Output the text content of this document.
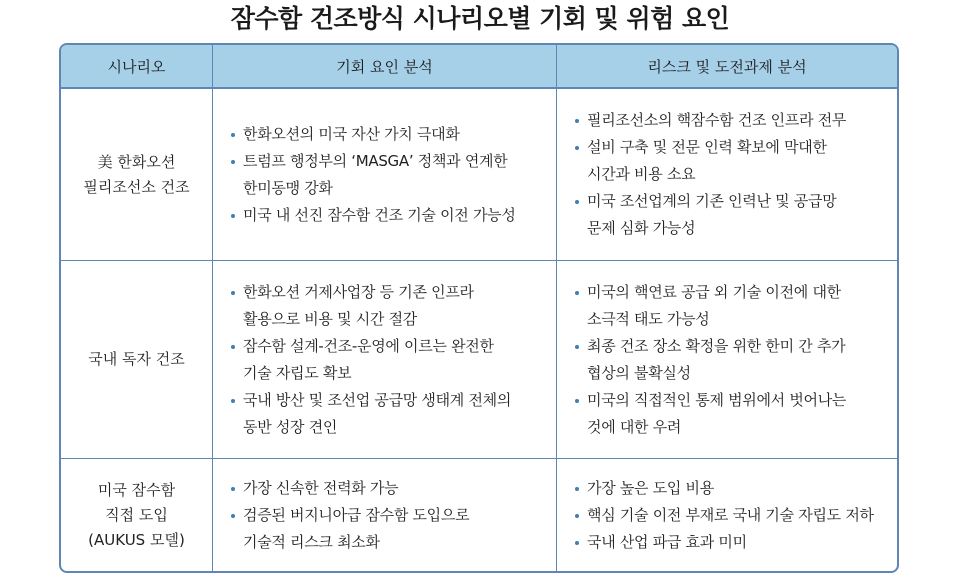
잠수함 건조방식 시나리오별 기회 및 위험 요인
시나리오	기회 요인 분석	리스크 및 도전과제 분석
美 한화오션
필리조선소 건조
한화오션의 미국 자산 가치 극대화
트럼프 행정부의 ‘MASGA’ 정책과 연계한
한미동맹 강화
미국 내 선진 잠수함 건조 기술 이전 가능성
필리조선소의 핵잠수함 건조 인프라 전무
설비 구축 및 전문 인력 확보에 막대한
시간과 비용 소요
미국 조선업계의 기존 인력난 및 공급망
문제 심화 가능성
국내 독자 건조
한화오션 거제사업장 등 기존 인프라
활용으로 비용 및 시간 절감
잠수함 설계-건조-운영에 이르는 완전한
기술 자립도 확보
국내 방산 및 조선업 공급망 생태계 전체의
동반 성장 견인
미국의 핵연료 공급 외 기술 이전에 대한
소극적 태도 가능성
최종 건조 장소 확정을 위한 한미 간 추가
협상의 불확실성
미국의 직접적인 통제 범위에서 벗어나는
것에 대한 우려
미국 잠수함
직접 도입
(AUKUS 모델)
가장 신속한 전력화 가능
검증된 버지니아급 잠수함 도입으로
기술적 리스크 최소화
가장 높은 도입 비용
핵심 기술 이전 부재로 국내 기술 자립도 저하
국내 산업 파급 효과 미미
